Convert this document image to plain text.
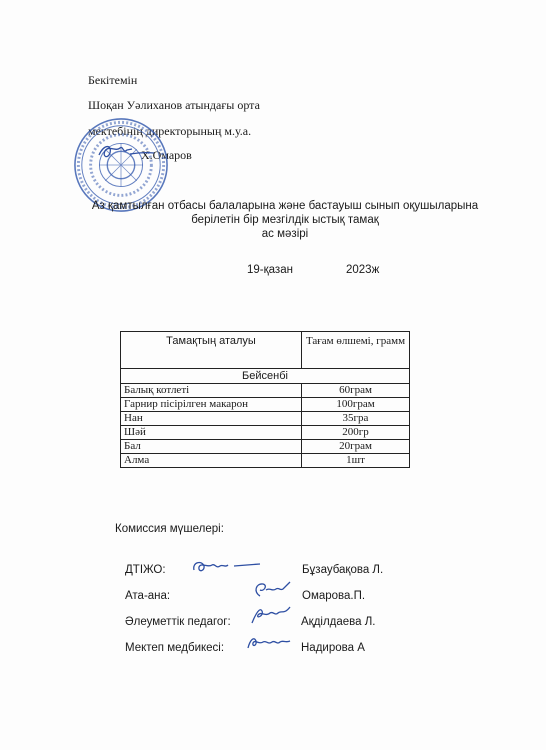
Бекітемін
Шоқан Уәлиханов атындағы орта
мектебінің директорының м.у.а.
Х.Омаров
Аз қамтылған отбасы балаларына және бастауыш сынып оқушыларына
берілетін бір мезгілдік ыстық тамақ
ас мәзірі
19-қазан	2023ж
Тамақтың аталуы	Тағам өлшемі, грамм
Бейсенбі	
Балық котлеті	60грам
Гарнир пісірілген макарон	100грам
Нан	35гра
Шәй	200гр
Бал	20грам
Алма	1шт
Комиссия мүшелері:
ДТІЖО:	Бұзаубақова Л.
Ата-ана:	Омарова.П.
Әлеуметтік педагог:	Ақділдаева Л.
Мектеп медбикесі:	Надирова А
